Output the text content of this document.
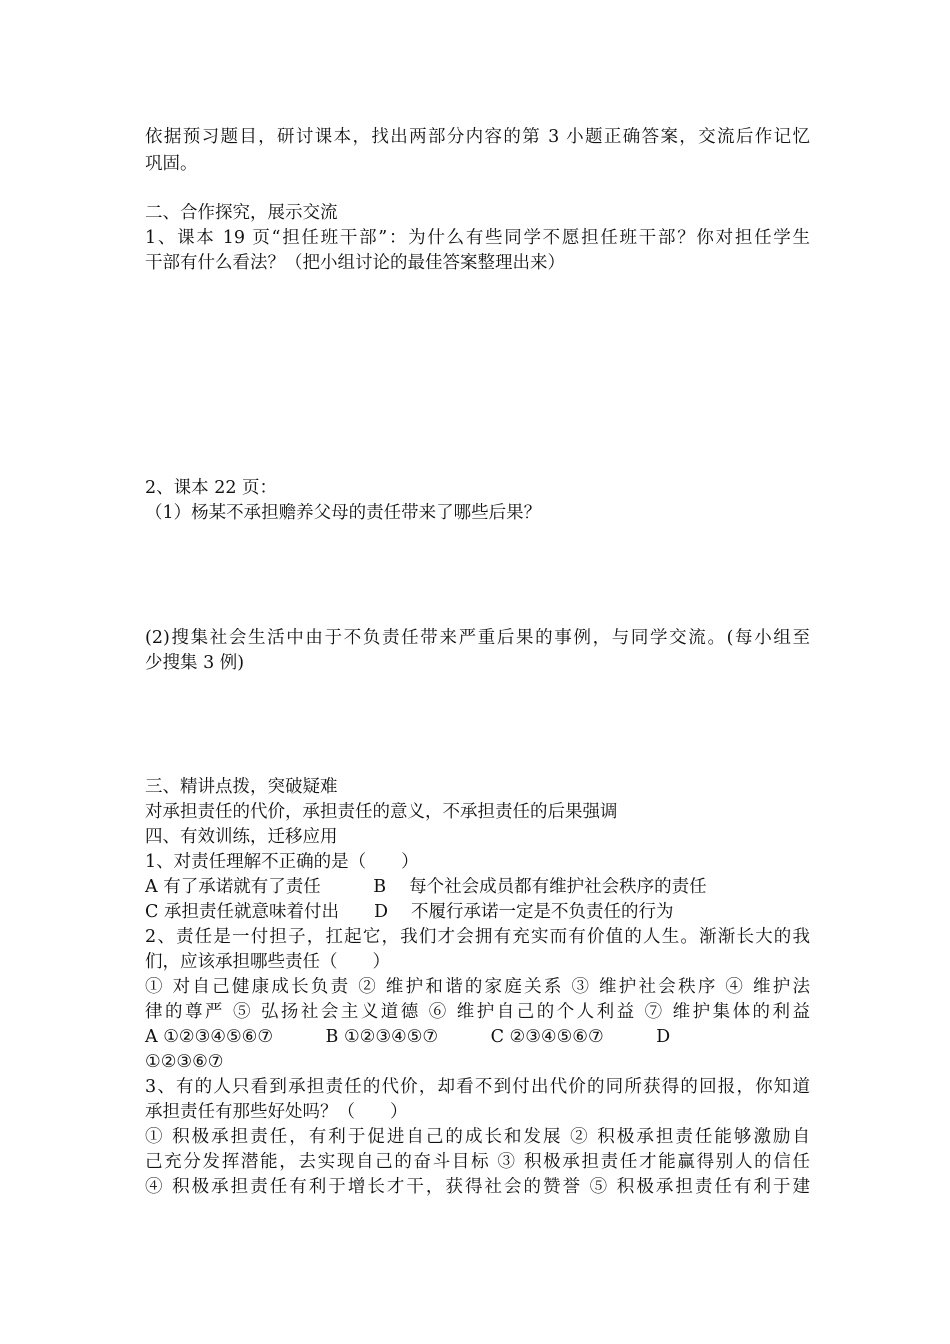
依据预习题目，研讨课本，找出两部分内容的第 3 小题正确答案，交流后作记忆
巩固。
二、合作探究，展示交流
1、课本 19 页“担任班干部”：为什么有些同学不愿担任班干部？你对担任学生
干部有什么看法？（把小组讨论的最佳答案整理出来）
2、课本 22 页：
（1）杨某不承担赡养父母的责任带来了哪些后果？
(2)搜集社会生活中由于不负责任带来严重后果的事例，与同学交流。(每小组至
少搜集 3 例)
三、精讲点拨，突破疑难
对承担责任的代价，承担责任的意义，不承担责任的后果强调
四、有效训练，迁移应用
1、对责任理解不正确的是（　　）
A 有了承诺就有了责任　　　B　 每个社会成员都有维护社会秩序的责任
C 承担责任就意味着付出　　D　 不履行承诺一定是不负责任的行为
2、责任是一付担子，扛起它，我们才会拥有充实而有价值的人生。渐渐长大的我
们，应该承担哪些责任（　　）
① 对自己健康成长负责 ② 维护和谐的家庭关系 ③ 维护社会秩序 ④ 维护法
律的尊严 ⑤ 弘扬社会主义道德 ⑥ 维护自己的个人利益 ⑦ 维护集体的利益
A ①②③④⑤⑥⑦　　　B ①②③④⑤⑦　　　C ②③④⑤⑥⑦　　　D
①②③⑥⑦
3、有的人只看到承担责任的代价，却看不到付出代价的同所获得的回报，你知道
承担责任有那些好处吗？（　　）
① 积极承担责任，有利于促进自己的成长和发展 ② 积极承担责任能够激励自
己充分发挥潜能，去实现自己的奋斗目标 ③ 积极承担责任才能赢得别人的信任
④ 积极承担责任有利于增长才干，获得社会的赞誉 ⑤ 积极承担责任有利于建
